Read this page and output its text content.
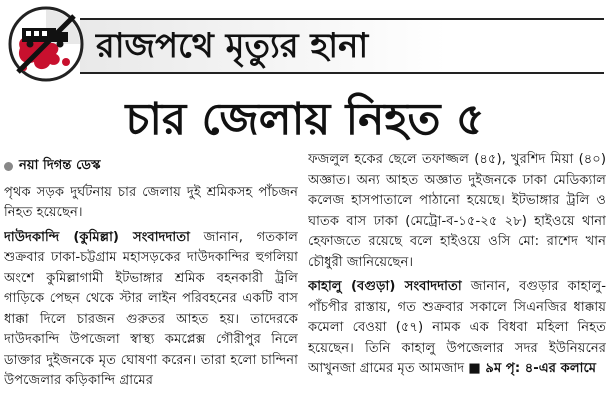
রাজপথে মৃত্যুর হানা
চার জেলায় নিহত ৫

নয়া দিগন্ত ডেস্ক

পৃথক সড়ক দুর্ঘটনায় চার জেলায় দুই শ্রমিকসহ পাঁচজন নিহত হয়েছেন।

দাউদকান্দি (কুমিল্লা) সংবাদদাতা জানান, গতকাল শুক্রবার ঢাকা-চট্টগ্রাম মহাসড়কের দাউদকান্দির হুগলিয়া অংশে কুমিল্লাগামী ইটভাঙ্গার শ্রমিক বহনকারী ট্রলি গাড়িকে পেছন থেকে স্টার লাইন পরিবহনের একটি বাস ধাক্কা দিলে চারজন গুরুতর আহত হয়। তাদেরকে দাউদকান্দি উপজেলা স্বাস্থ্য কমপ্লেক্স গৌরীপুর নিলে ডাক্তার দুইজনকে মৃত ঘোষণা করেন। তারা হলো চান্দিনা উপজেলার কড়িকান্দি গ্রামের

ফজলুল হকের ছেলে তফাজ্জল (৪৫), খুরশিদ মিয়া (৪০) অজ্ঞাত। অন্য আহত অজ্ঞাত দুইজনকে ঢাকা মেডিক্যাল কলেজ হাসপাতালে পাঠানো হয়েছে। ইটভাঙ্গার ট্রলি ও ঘাতক বাস ঢাকা (মেট্রো-ব-১৫-২৫ ২৮) হাইওয়ে থানা হেফাজতে রয়েছে বলে হাইওয়ে ওসি মো: রাশেদ খান চৌধুরী জানিয়েছেন।

কাহালু (বগুড়া) সংবাদদাতা জানান, বগুড়ার কাহালু-পাঁচপীর রাস্তায়, গত শুক্রবার সকালে সিএনজির ধাক্কায় কমেলা বেওয়া (৫৭) নামক এক বিধবা মহিলা নিহত হয়েছেন। তিনি কাহালু উপজেলার সদর ইউনিয়নের আখুনজা গ্রামের মৃত আমজাদ ■ ৯ম পৃ: ৪-এর কলামে
